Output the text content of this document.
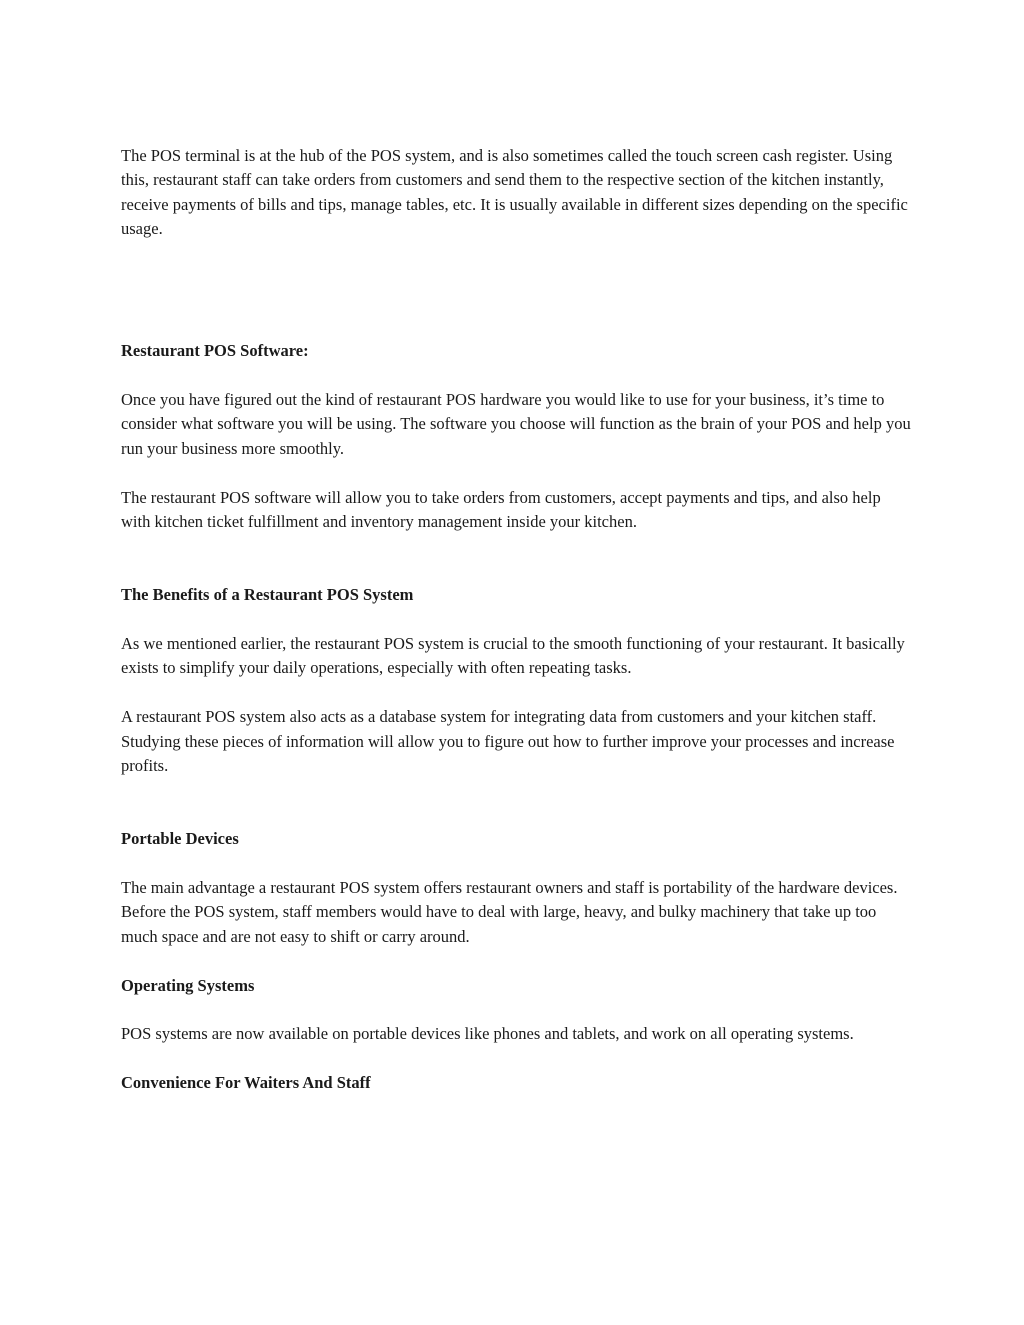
The POS terminal is at the hub of the POS system, and is also sometimes called the touch screen cash register. Using this, restaurant staff can take orders from customers and send them to the respective section of the kitchen instantly, receive payments of bills and tips, manage tables, etc. It is usually available in different sizes depending on the specific usage.

Restaurant POS Software:

Once you have figured out the kind of restaurant POS hardware you would like to use for your business, it’s time to consider what software you will be using. The software you choose will function as the brain of your POS and help you run your business more smoothly.

The restaurant POS software will allow you to take orders from customers, accept payments and tips, and also help with kitchen ticket fulfillment and inventory management inside your kitchen.

The Benefits of a Restaurant POS System

As we mentioned earlier, the restaurant POS system is crucial to the smooth functioning of your restaurant. It basically exists to simplify your daily operations, especially with often repeating tasks.

A restaurant POS system also acts as a database system for integrating data from customers and your kitchen staff. Studying these pieces of information will allow you to figure out how to further improve your processes and increase profits.

Portable Devices

The main advantage a restaurant POS system offers restaurant owners and staff is portability of the hardware devices. Before the POS system, staff members would have to deal with large, heavy, and bulky machinery that take up too much space and are not easy to shift or carry around.

Operating Systems

POS systems are now available on portable devices like phones and tablets, and work on all operating systems.

Convenience For Waiters And Staff
